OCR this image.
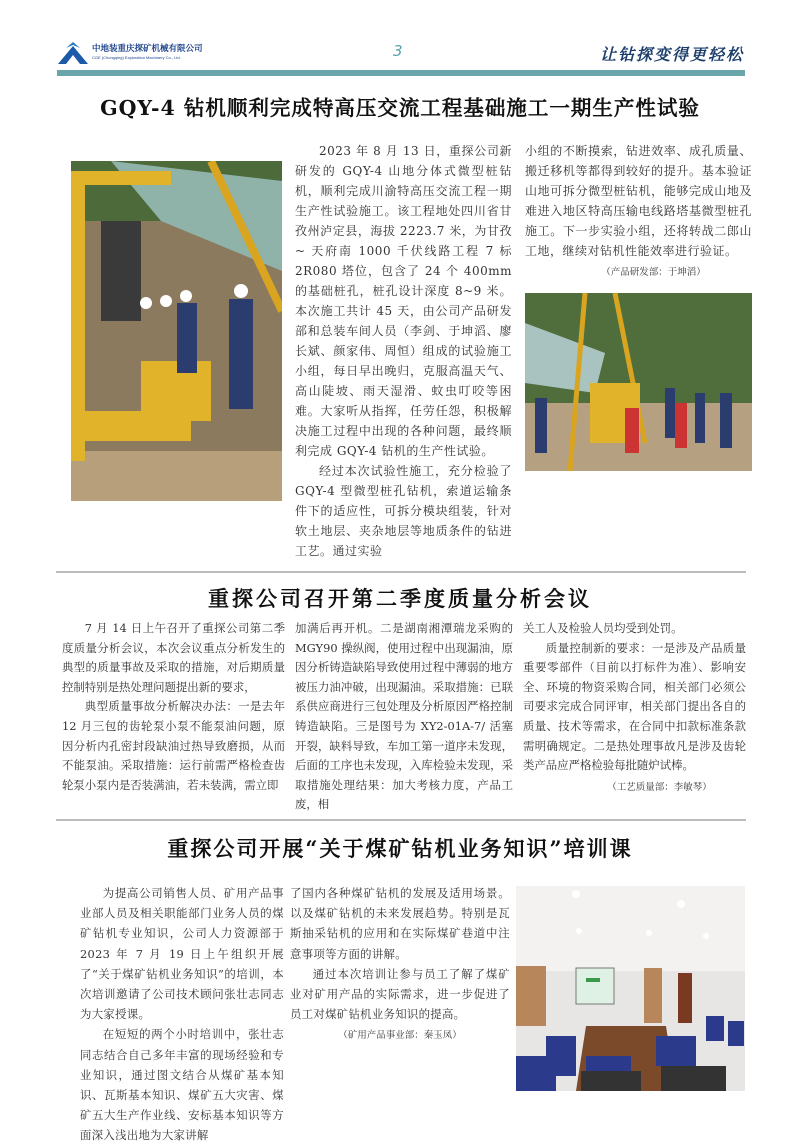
中地装重庆探矿机械有限公司
CGE (Chongqing) Exploration Machinery Co., Ltd.	3	让钻探变得更轻松
GQY-4 钻机顺利完成特高压交流工程基础施工一期生产性试验

2023 年 8 月 13 日，重探公司新研发的 GQY-4 山地分体式微型桩钻机，顺利完成川渝特高压交流工程一期生产性试验施工。该工程地处四川省甘孜州泸定县，海拔 2223.7 米，为甘孜 ~ 天府南 1000 千伏线路工程 7 标 2R080 塔位，包含了 24 个 400mm 的基础桩孔，桩孔设计深度 8~9 米。本次施工共计 45 天，由公司产品研发部和总装车间人员（李剑、于坤滔、廖长斌、颜家伟、周恒）组成的试验施工小组，每日早出晚归，克服高温天气、高山陡坡、雨天湿滑、蚊虫叮咬等困难。大家听从指挥，任劳任怨，积极解决施工过程中出现的各种问题，最终顺利完成 GQY-4 钻机的生产性试验。

经过本次试验性施工，充分检验了 GQY-4 型微型桩孔钻机，索道运输条件下的适应性，可拆分模块组装，针对软土地层、夹杂地层等地质条件的钻进工艺。通过实验

小组的不断摸索，钻进效率、成孔质量、搬迁移机等都得到较好的提升。基本验证山地可拆分微型桩钻机，能够完成山地及难进入地区特高压输电线路塔基微型桩孔施工。下一步实验小组，还将转战二郎山工地，继续对钻机性能效率进行验证。

（产品研发部：于坤滔）

重探公司召开第二季度质量分析会议

7 月 14 日上午召开了重探公司第二季度质量分析会议，本次会议重点分析发生的典型的质量事故及采取的措施，对后期质量控制特别是热处理问题提出新的要求，

典型质量事故分析解决办法：一是去年 12 月三包的齿轮泵小泵不能泵油问题，原因分析内孔密封段缺油过热导致磨损，从而不能泵油。采取措施：运行前需严格检查齿轮泵小泵内是否装满油，若未装满，需立即

加满后再开机。二是湖南湘潭瑞龙采购的 MGY90 操纵阀，使用过程中出现漏油，原因分析铸造缺陷导致使用过程中薄弱的地方被压力油冲破，出现漏油。采取措施：已联系供应商进行三包处理及分析原因严格控制铸造缺陷。三是图号为 XY2-01A-7/ 活塞开裂，缺料导致，车加工第一道序未发现，后面的工序也未发现，入库检验未发现，采取措施处理结果：加大考核力度，产品工废，相

关工人及检验人员均受到处罚。

质量控制新的要求：一是涉及产品质量重要零部件（目前以打标件为准）、影响安全、环境的物资采购合同，相关部门必须公司要求完成合同评审，相关部门提出各自的质量、技术等需求，在合同中扣款标准条款需明确规定。二是热处理事故凡是涉及齿轮类产品应严格检验每批随炉试棒。

（工艺质量部：李敏琴）

重探公司开展“关于煤矿钻机业务知识”培训课

为提高公司销售人员、矿用产品事业部人员及相关职能部门业务人员的煤矿钻机专业知识，公司人力资源部于 2023 年 7 月 19 日上午组织开展了“关于煤矿钻机业务知识”的培训，本次培训邀请了公司技术顾问张壮志同志为大家授课。

在短短的两个小时培训中，张壮志同志结合自己多年丰富的现场经验和专业知识，通过图文结合从煤矿基本知识、瓦斯基本知识、煤矿五大灾害、煤矿五大生产作业线、安标基本知识等方面深入浅出地为大家讲解

了国内各种煤矿钻机的发展及适用场景。以及煤矿钻机的未来发展趋势。特别是瓦斯抽采钻机的应用和在实际煤矿巷道中注意事项等方面的讲解。

通过本次培训让参与员工了解了煤矿业对矿用产品的实际需求，进一步促进了员工对煤矿钻机业务知识的提高。

（矿用产品事业部：秦玉凤）
